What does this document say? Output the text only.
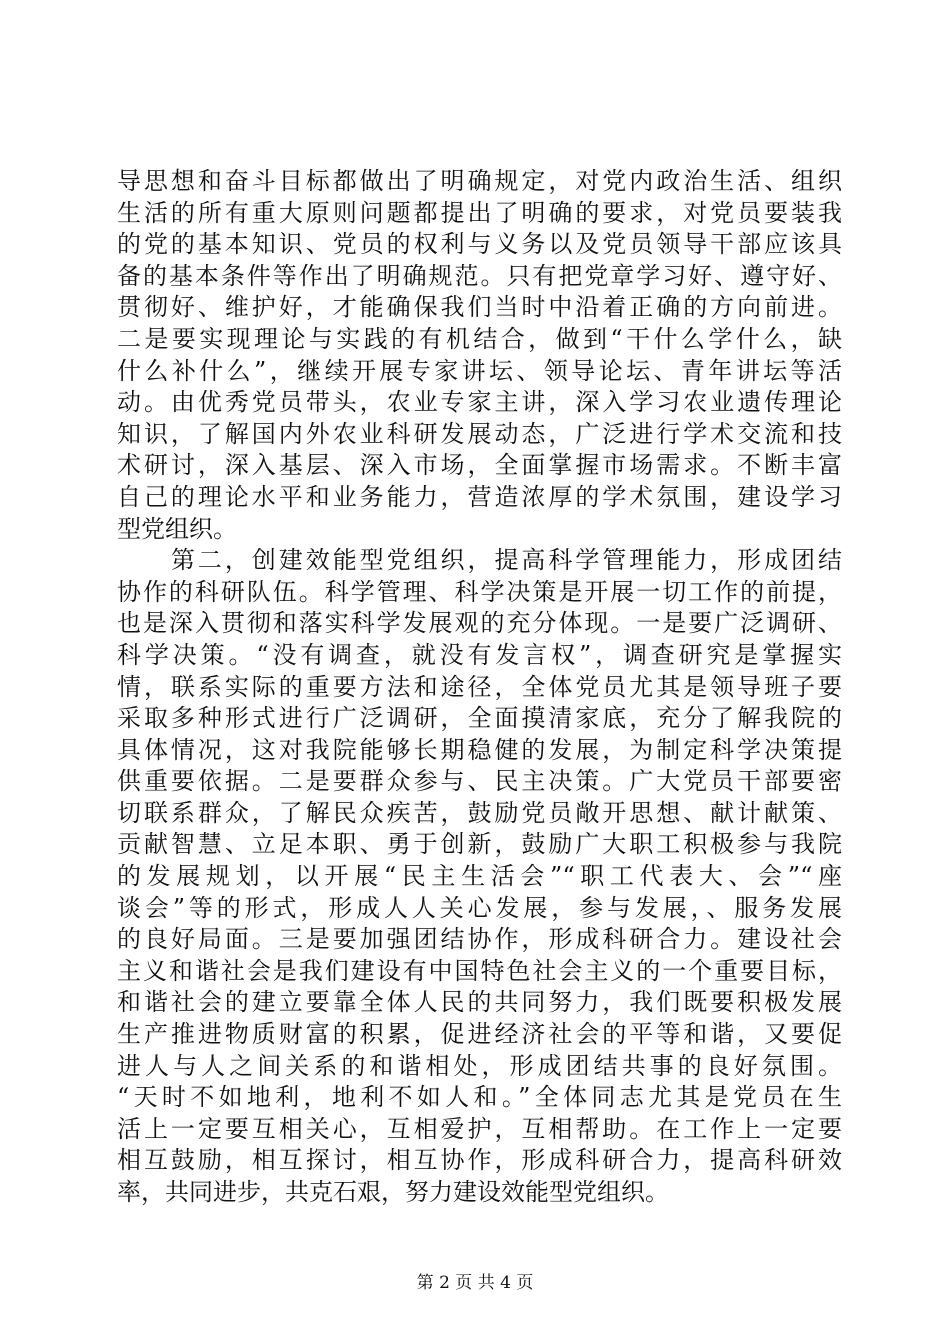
导思想和奋斗目标都做出了明确规定，对党内政治生活、组织
生活的所有重大原则问题都提出了明确的要求，对党员要装我
的党的基本知识、党员的权利与义务以及党员领导干部应该具
备的基本条件等作出了明确规范。只有把党章学习好、遵守好、
贯彻好、维护好，才能确保我们当时中沿着正确的方向前进。
二是要实现理论与实践的有机结合，做到“干什么学什么，缺
什么补什么”，继续开展专家讲坛、领导论坛、青年讲坛等活
动。由优秀党员带头，农业专家主讲，深入学习农业遗传理论
知识，了解国内外农业科研发展动态，广泛进行学术交流和技
术研讨，深入基层、深入市场，全面掌握市场需求。不断丰富
自己的理论水平和业务能力，营造浓厚的学术氛围，建设学习
型党组织。
　　第二，创建效能型党组织，提高科学管理能力，形成团结
协作的科研队伍。科学管理、科学决策是开展一切工作的前提，
也是深入贯彻和落实科学发展观的充分体现。一是要广泛调研、
科学决策。“没有调查，就没有发言权”，调查研究是掌握实
情，联系实际的重要方法和途径，全体党员尤其是领导班子要
采取多种形式进行广泛调研，全面摸清家底，充分了解我院的
具体情况，这对我院能够长期稳健的发展，为制定科学决策提
供重要依据。二是要群众参与、民主决策。广大党员干部要密
切联系群众，了解民众疾苦，鼓励党员敞开思想、献计献策、
贡献智慧、立足本职、勇于创新，鼓励广大职工积极参与我院
的发展规划，以开展“民主生活会”“职工代表大、会”“座
谈会”等的形式，形成人人关心发展，参与发展，、服务发展
的良好局面。三是要加强团结协作，形成科研合力。建设社会
主义和谐社会是我们建设有中国特色社会主义的一个重要目标，
和谐社会的建立要靠全体人民的共同努力，我们既要积极发展
生产推进物质财富的积累，促进经济社会的平等和谐，又要促
进人与人之间关系的和谐相处，形成团结共事的良好氛围。
“天时不如地利，地利不如人和。”全体同志尤其是党员在生
活上一定要互相关心，互相爱护，互相帮助。在工作上一定要
相互鼓励，相互探讨，相互协作，形成科研合力，提高科研效
率，共同进步，共克石艰，努力建设效能型党组织。
第 2 页 共 4 页
